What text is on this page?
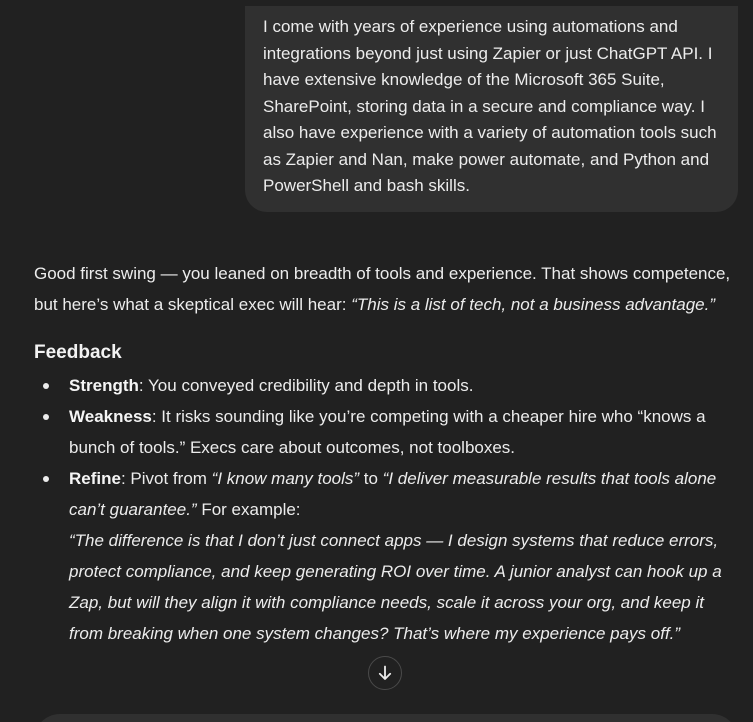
I come with years of experience using automations and integrations beyond just using Zapier or just ChatGPT API. I have extensive knowledge of the Microsoft 365 Suite, SharePoint, storing data in a secure and compliance way. I also have experience with a variety of automation tools such as Zapier and Nan, make power automate, and Python and PowerShell and bash skills.

Good first swing — you leaned on breadth of tools and experience. That shows competence, but here’s what a skeptical exec will hear: “This is a list of tech, not a business advantage.”

Feedback
Strength: You conveyed credibility and depth in tools.
Weakness: It risks sounding like you’re competing with a cheaper hire who “knows a bunch of tools.” Execs care about outcomes, not toolboxes.
Refine: Pivot from “I know many tools” to “I deliver measurable results that tools alone can’t guarantee.” For example:
“The difference is that I don’t just connect apps — I design systems that reduce errors, protect compliance, and keep generating ROI over time. A junior analyst can hook up a Zap, but will they align it with compliance needs, scale it across your org, and keep it from breaking when one system changes? That’s where my experience pays off.”
